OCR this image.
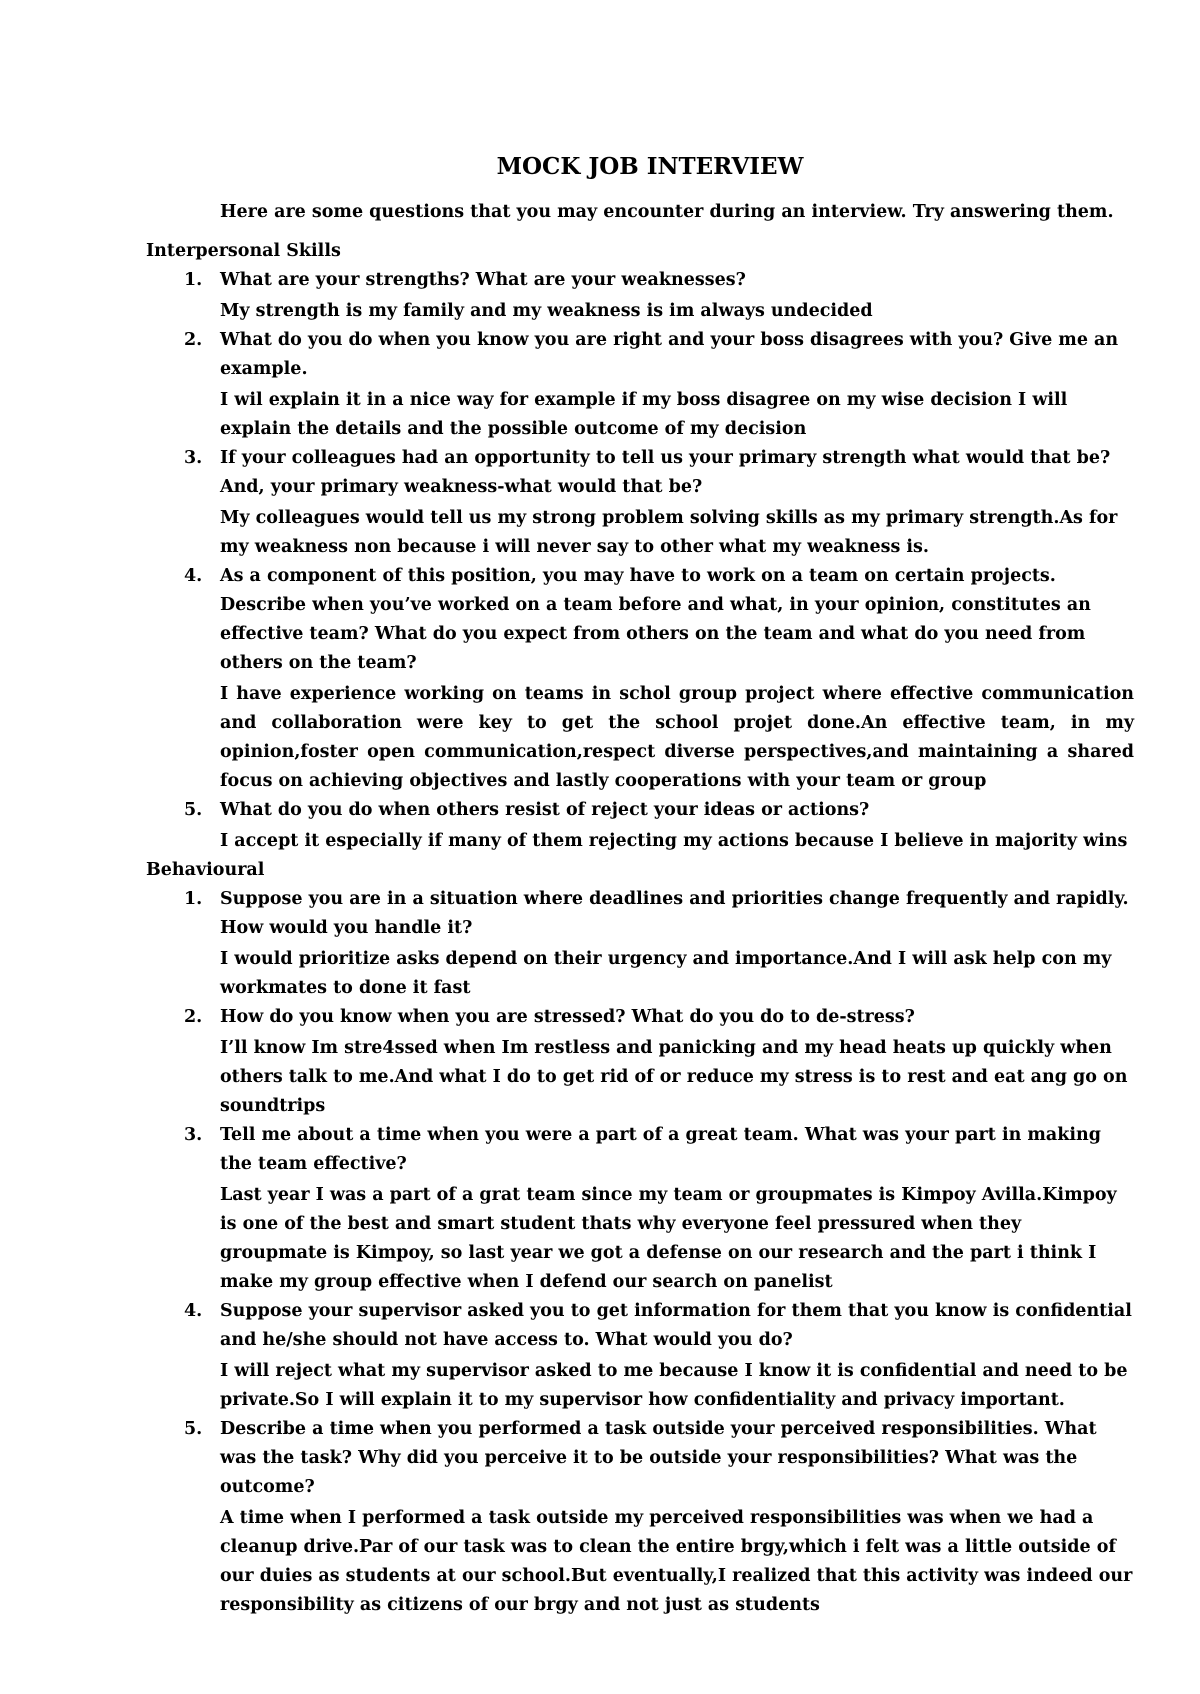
MOCK JOB INTERVIEW

Here are some questions that you may encounter during an interview. Try answering them.

Interpersonal Skills
1. What are your strengths? What are your weaknesses?

My strength is my family and my weakness is im always undecided

2. What do you do when you know you are right and your boss disagrees with you? Give me an example.

I wil explain it in a nice way for example if my boss disagree on my wise decision I will explain the details and the possible outcome of my decision

3. If your colleagues had an opportunity to tell us your primary strength what would that be? And, your primary weakness-what would that be?

My colleagues would tell us my strong problem solving skills as my primary strength.As for my weakness non because i will never say to other what my weakness is.

4. As a component of this position, you may have to work on a team on certain projects. Describe when you’ve worked on a team before and what, in your opinion, constitutes an effective team? What do you expect from others on the team and what do you need from others on the team?

I have experience working on teams in schol group project where effective communication and collaboration were key to get the school projet done.An effective team, in my opinion,foster open communication,respect diverse perspectives,and maintaining a shared focus on achieving objectives and lastly cooperations with your team or group

5. What do you do when others resist of reject your ideas or actions?

I accept it especially if many of them rejecting my actions because I believe in majority wins

Behavioural
1. Suppose you are in a situation where deadlines and priorities change frequently and rapidly. How would you handle it?

I would prioritize asks depend on their urgency and importance.And I will ask help con my workmates to done it fast

2. How do you know when you are stressed? What do you do to de-stress?

I’ll know Im stre4ssed when Im restless and panicking and my head heats up quickly when others talk to me.And what I do to get rid of or reduce my stress is to rest and eat ang go on soundtrips

3. Tell me about a time when you were a part of a great team. What was your part in making the team effective?

Last year I was a part of a grat team since my team or groupmates is Kimpoy Avilla.Kimpoy is one of the best and smart student thats why everyone feel pressured when they groupmate is Kimpoy, so last year we got a defense on our research and the part i think I make my group effective when I defend our search on panelist

4. Suppose your supervisor asked you to get information for them that you know is confidential and he/she should not have access to. What would you do?

I will reject what my supervisor asked to me because I know it is confidential and need to be private.So I will explain it to my supervisor how confidentiality and privacy important.

5. Describe a time when you performed a task outside your perceived responsibilities. What was the task? Why did you perceive it to be outside your responsibilities? What was the outcome?

A time when I performed a task outside my perceived responsibilities was when we had a cleanup drive.Par of our task was to clean the entire brgy,which i felt was a little outside of our duies as students at our school.But eventually,I realized that this activity was indeed our responsibility as citizens of our brgy and not just as students
